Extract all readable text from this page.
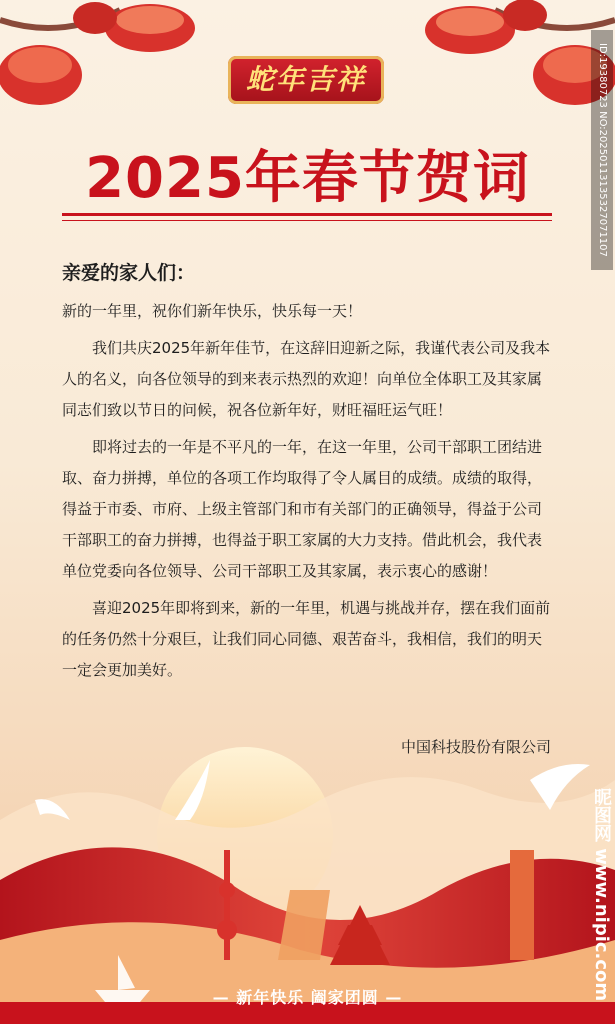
蛇年吉祥
2025年春节贺词
亲爱的家人们：

新的一年里，祝你们新年快乐，快乐每一天！

我们共庆2025年新年佳节，在这辞旧迎新之际，我谨代表公司及我本人的名义，向各位领导的到来表示热烈的欢迎！向单位全体职工及其家属同志们致以节日的问候，祝各位新年好，财旺福旺运气旺！

即将过去的一年是不平凡的一年，在这一年里，公司干部职工团结进取、奋力拼搏，单位的各项工作均取得了令人属目的成绩。成绩的取得，得益于市委、市府、上级主管部门和市有关部门的正确领导，得益于公司干部职工的奋力拼搏，也得益于职工家属的大力支持。借此机会，我代表单位党委向各位领导、公司干部职工及其家属，表示衷心的感谢！

喜迎2025年即将到来，新的一年里，机遇与挑战并存，摆在我们面前的任务仍然十分艰巨，让我们同心同德、艰苦奋斗，我相信，我们的明天一定会更加美好。

中国科技股份有限公司
ID:19380723 NO:20250113135327071107
— 新年快乐 阖家团圆 —	昵图网 www.nipic.com
